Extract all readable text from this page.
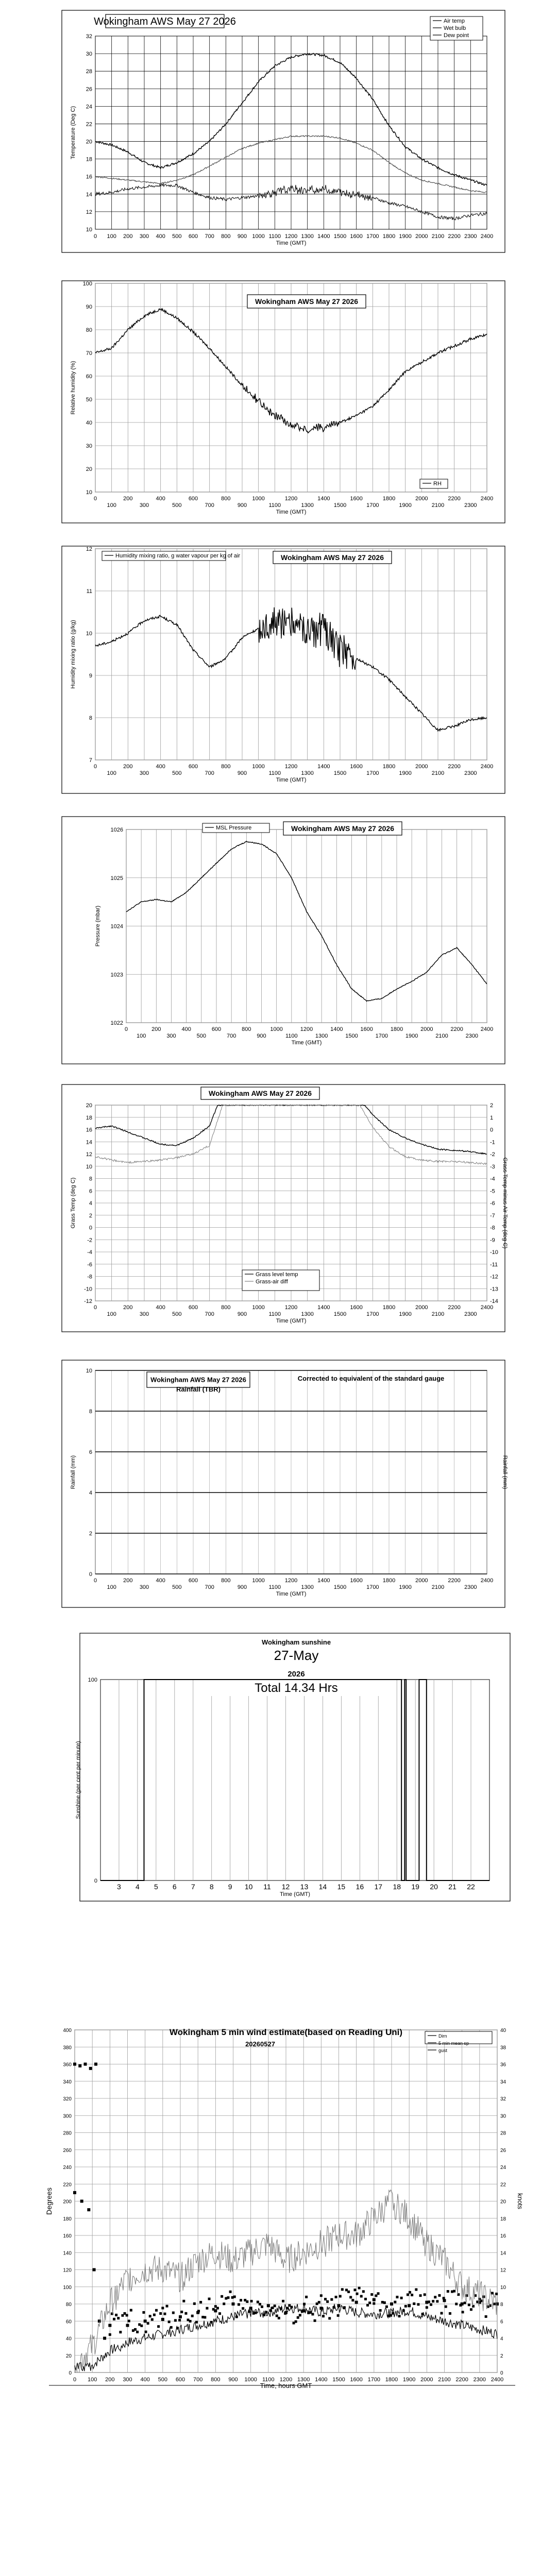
10
12
14
16
18
20
22
24
26
28
30
32
0 100 200 300 400 500 600 700 800 900 1000 1100 1200 1300 1400 1500 1600 1700 1800 1900 2000 2100 2200 2300 2400
Time (GMT)
Temperature (Deg C)
Wokingham AWS May 27 2026	Air temp
Wet bulb
Dew point
10
20
30
40
50
60
70
80
90
100
0	200	400	600	800	1000	1200	1400	1600	1800	2000	2200	2400
100	300	500	700	900	1100	1300	1500	1700	1900	2100	2300
Time (GMT)
Relative humidity (%)
Wokingham AWS May 27 2026
RH
7
8
9
10
11
12
0	200	400	600	800	1000	1200	1400	1600	1800	2000	2200	2400
100	300	500	700	900	1100	1300	1500	1700	1900	2100	2300
Time (GMT)
Humidity mixing ratio (g/kg)
Wokingham AWS May 27 2026
Humidity mixing ratio, g water vapour per kg of air
1022
1023
1024
1025
1026
0	200	400	600	800	1000	1200	1400	1600	1800	2000	2200	2400
100	300	500	700	900	1100	1300	1500	1700	1900	2100	2300
Time (GMT)
Pressure (mbar)
Wokingham AWS May 27 2026
MSL Pressure
-12
-10
-8
-6
-4
-2
0
2
4
6
8
10
12
14
16
18
20
-14
-13
-12
-11
-10
-9
-8
-7
-6
-5
-4
-3
-2
-1
0
1
2
0	200	400	600	800	1000	1200	1400	1600	1800	2000	2200	2400
100	300	500	700	900	1100	1300	1500	1700	1900	2100	2300
Time (GMT)
Grass Temp (deg C)	Grass Temp minus Air Temp (deg C)
Wokingham AWS May 27 2026
Grass level temp
Grass-air diff
0
2
4
6
8
10
0	200	400	600	800	1000	1200	1400	1600	1800	2000	2200	2400
100	300	500	700	900	1100	1300	1500	1700	1900	2100	2300
Time (GMT)
Rainfall (mm)	Rainfall (mm)
Wokingham AWS May 27 2026
Rainfall (TBR)
Corrected to equivalent of the standard gauge
0
100
3 4 5 6 7 8 9 10 11 12 13 14 15 16 17 18 19 20 21 22
Time (GMT)
Sunshine (per cent per minute)
Wokingham sunshine
27-May
2026
Total 14.34 Hrs
0
20
40
60
80
100
120
140
160
180
200
220
240
260
280
300
320
340
360
380
400
0
2
4
6
8
10
12
14
16
18
20
22
24
26
28
30
32
34
36
38
40
0 100 200 300 400 500 600 700 800 900 1000 1100 1200 1300 1400 1500 1600 1700 1800 1900 2000 2100 2200 2300 2400
Time, hours GMT
Degrees	knots
Wokingham 5 min wind estimate(based on Reading Uni)
20260527
Dirn
5 min mean sp
gust
